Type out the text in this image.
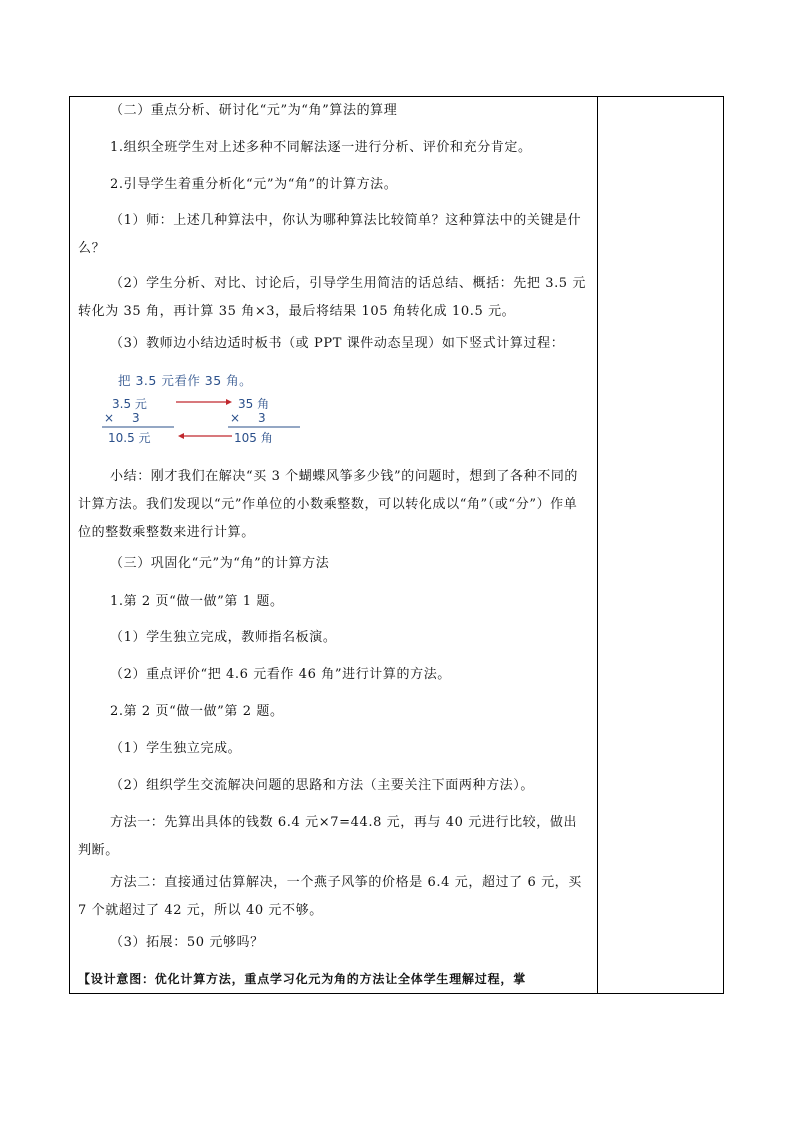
（二）重点分析、研讨化“元”为“角”算法的算理
1.组织全班学生对上述多种不同解法逐一进行分析、评价和充分肯定。
2.引导学生着重分析化“元”为“角”的计算方法。
（1）师：上述几种算法中，你认为哪种算法比较简单？这种算法中的关键是什么？
（2）学生分析、对比、讨论后，引导学生用简洁的话总结、概括：先把 3.5 元转化为 35 角，再计算 35 角×3，最后将结果 105 角转化成 10.5 元。
（3）教师边小结边适时板书（或 PPT 课件动态呈现）如下竖式计算过程：
把 3.5 元看作 35 角。
3.5 元
× 3
10.5 元
35 角
× 3
105 角
小结：刚才我们在解决“买 3 个蝴蝶风筝多少钱”的问题时，想到了各种不同的计算方法。我们发现以“元”作单位的小数乘整数，可以转化成以“角”（或“分”）作单位的整数乘整数来进行计算。
（三）巩固化“元”为“角”的计算方法
1.第 2 页“做一做”第 1 题。
（1）学生独立完成，教师指名板演。
（2）重点评价“把 4.6 元看作 46 角”进行计算的方法。
2.第 2 页“做一做”第 2 题。
（1）学生独立完成。
（2）组织学生交流解决问题的思路和方法（主要关注下面两种方法）。
方法一：先算出具体的钱数 6.4 元×7=44.8 元，再与 40 元进行比较，做出判断。
方法二：直接通过估算解决，一个燕子风筝的价格是 6.4 元，超过了 6 元，买 7 个就超过了 42 元，所以 40 元不够。
（3）拓展：50 元够吗？
【设计意图：优化计算方法，重点学习化元为角的方法让全体学生理解过程，掌
